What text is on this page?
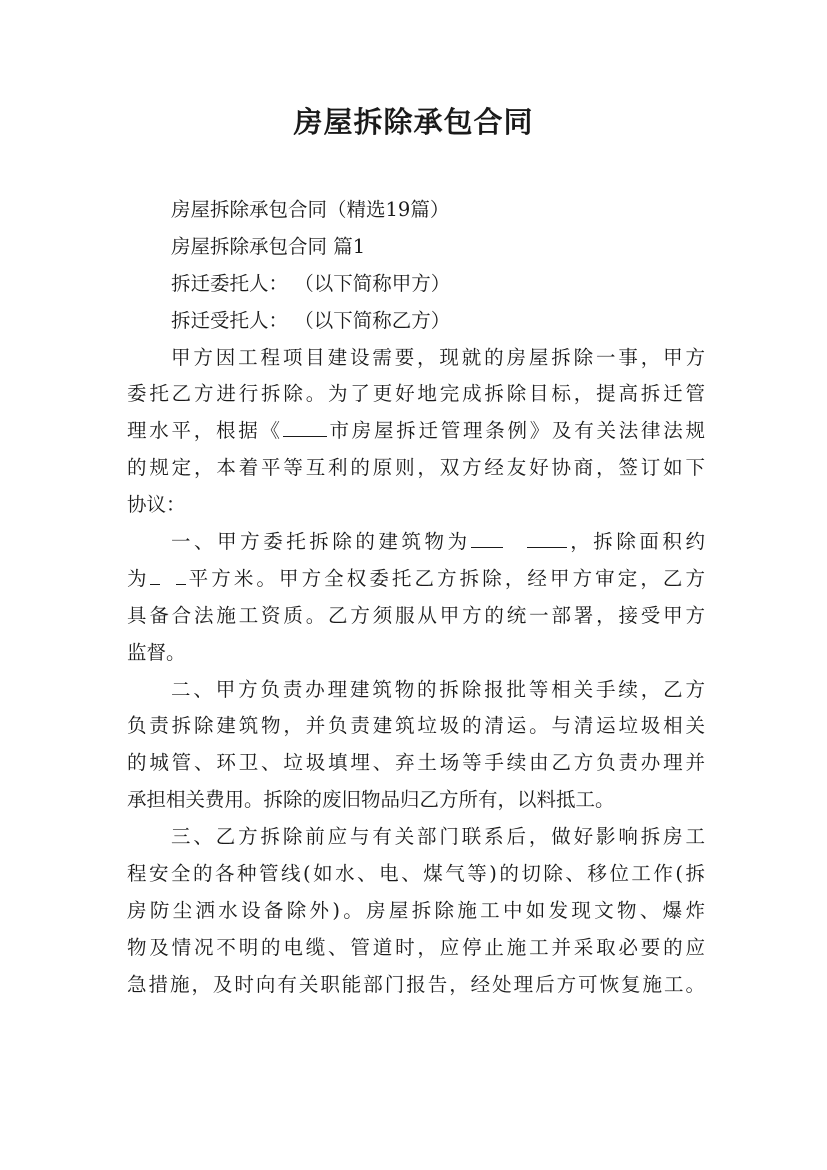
房屋拆除承包合同
房屋拆除承包合同（精选19篇）
房屋拆除承包合同 篇1
拆迁委托人： （以下简称甲方）
拆迁受托人： （以下简称乙方）
甲方因工程项目建设需要，现就的房屋拆除一事，甲方
委托乙方进行拆除。为了更好地完成拆除目标，提高拆迁管
理水平，根据《 市房屋拆迁管理条例》及有关法律法规
的规定，本着平等互利的原则，双方经友好协商，签订如下
协议：
一、甲方委托拆除的建筑物为	，拆除面积约
为 平方米。甲方全权委托乙方拆除，经甲方审定，乙方
具备合法施工资质。乙方须服从甲方的统一部署，接受甲方
监督。
二、甲方负责办理建筑物的拆除报批等相关手续，乙方
负责拆除建筑物，并负责建筑垃圾的清运。与清运垃圾相关
的城管、环卫、垃圾填埋、弃土场等手续由乙方负责办理并
承担相关费用。拆除的废旧物品归乙方所有，以料抵工。
三、乙方拆除前应与有关部门联系后，做好影响拆房工
程安全的各种管线(如水、电、煤气等)的切除、移位工作(拆
房防尘洒水设备除外)。房屋拆除施工中如发现文物、爆炸
物及情况不明的电缆、管道时，应停止施工并采取必要的应
急措施，及时向有关职能部门报告，经处理后方可恢复施工。
